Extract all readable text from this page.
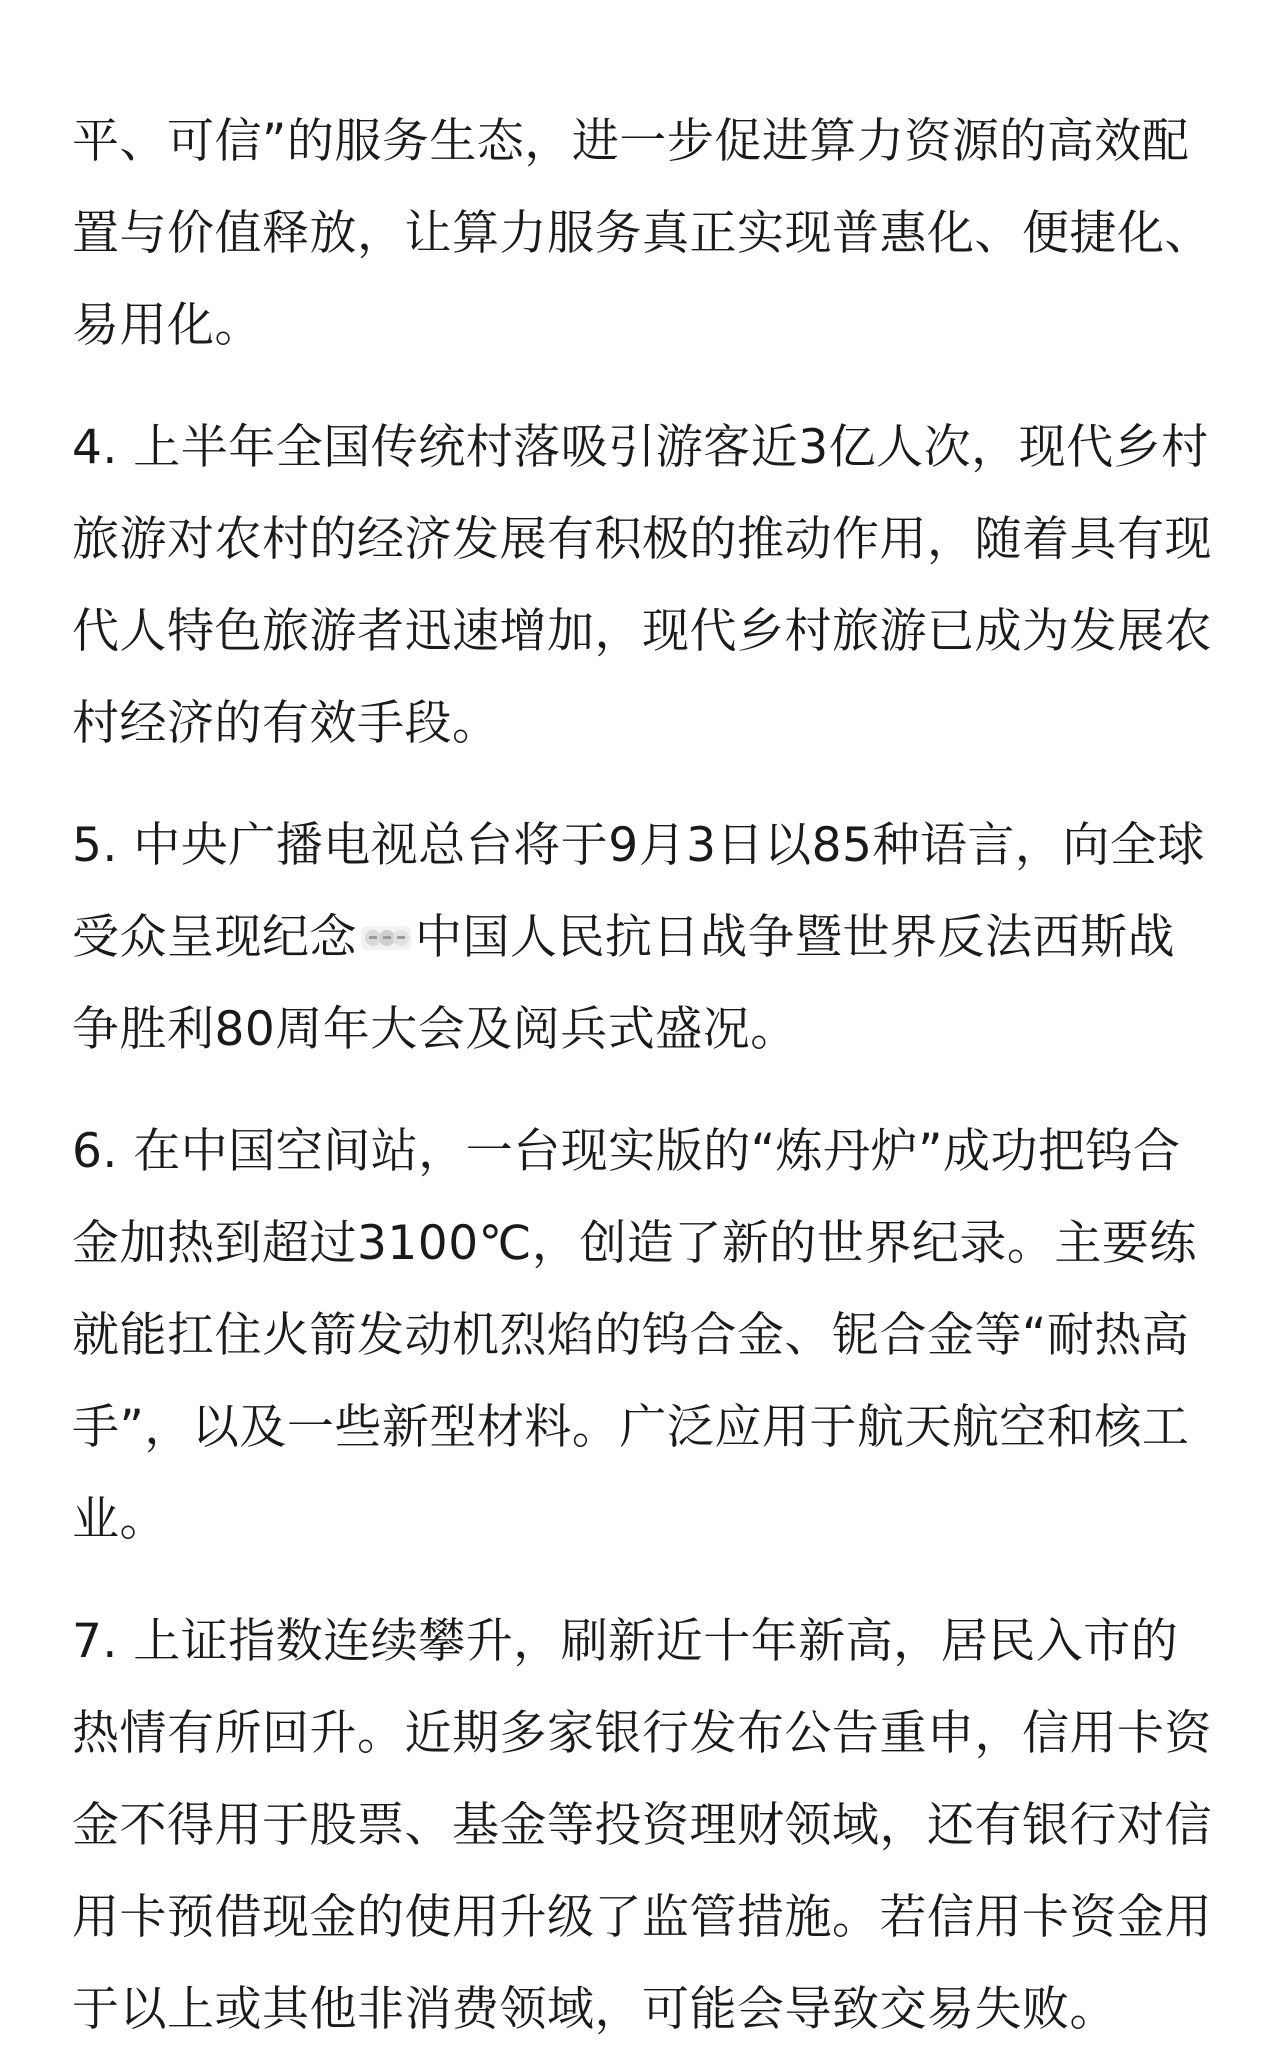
平、可信”的服务生态，进一步促进算力资源的高效配置与价值释放，让算力服务真正实现普惠化、便捷化、易用化。

4. 上半年全国传统村落吸引游客近3亿人次，现代乡村旅游对农村的经济发展有积极的推动作用，随着具有现代人特色旅游者迅速增加，现代乡村旅游已成为发展农村经济的有效手段。

5. 中央广播电视总台将于9月3日以85种语言，向全球受众呈现纪念 中国人民抗日战争暨世界反法西斯战争胜利80周年大会及阅兵式盛况。

6. 在中国空间站，一台现实版的“炼丹炉”成功把钨合金加热到超过3100℃，创造了新的世界纪录。主要练就能扛住火箭发动机烈焰的钨合金、铌合金等“耐热高手”，以及一些新型材料。广泛应用于航天航空和核工业。

7. 上证指数连续攀升，刷新近十年新高，居民入市的热情有所回升。近期多家银行发布公告重申，信用卡资金不得用于股票、基金等投资理财领域，还有银行对信用卡预借现金的使用升级了监管措施。若信用卡资金用于以上或其他非消费领域，可能会导致交易失败。
